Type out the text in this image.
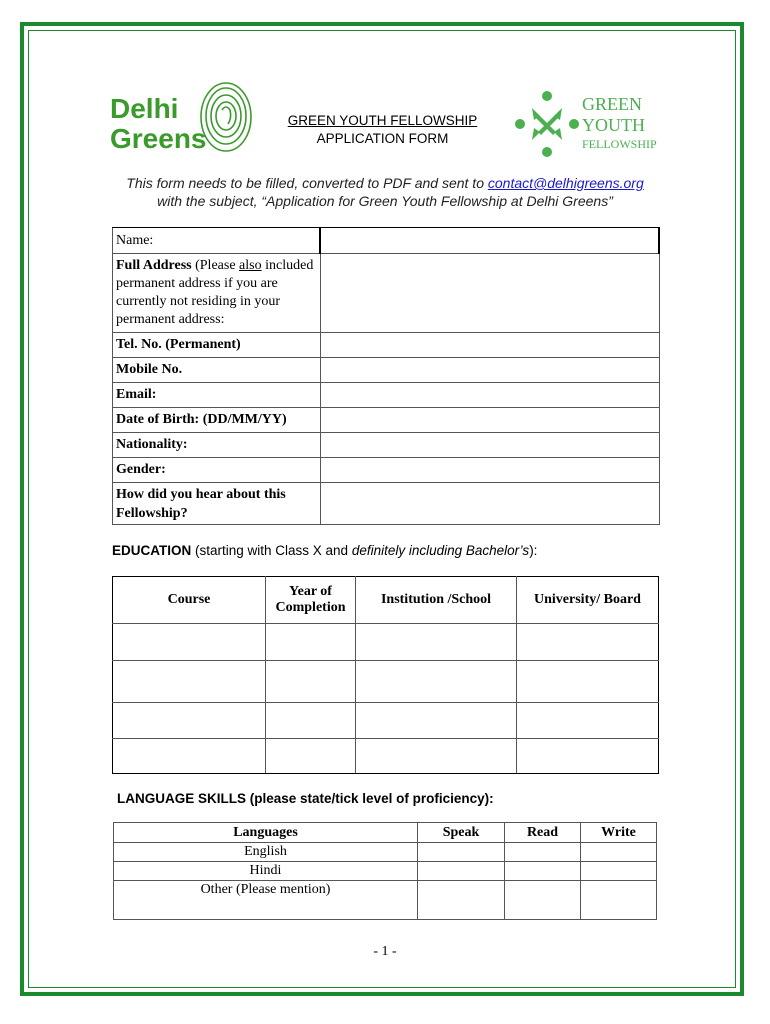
Delhi
Greens
GREEN YOUTH FELLOWSHIP
APPLICATION FORM
GREEN
YOUTH
FELLOWSHIP
This form needs to be filled, converted to PDF and sent to contact@delhigreens.org
with the subject, “Application for Green Youth Fellowship at Delhi Greens”
Name:	
Full Address (Please also included permanent address if you are currently not residing in your permanent address:	
Tel. No. (Permanent)	
Mobile No.	
Email:	
Date of Birth: (DD/MM/YY)	
Nationality:	
Gender:	
How did you hear about this Fellowship?	
EDUCATION (starting with Class X and definitely including Bachelor’s):
Course	Year of Completion	Institution /School	University/ Board

LANGUAGE SKILLS (please state/tick level of proficiency):
Languages	Speak	Read	Write
English			
Hindi			
Other (Please mention)			
- 1 -
